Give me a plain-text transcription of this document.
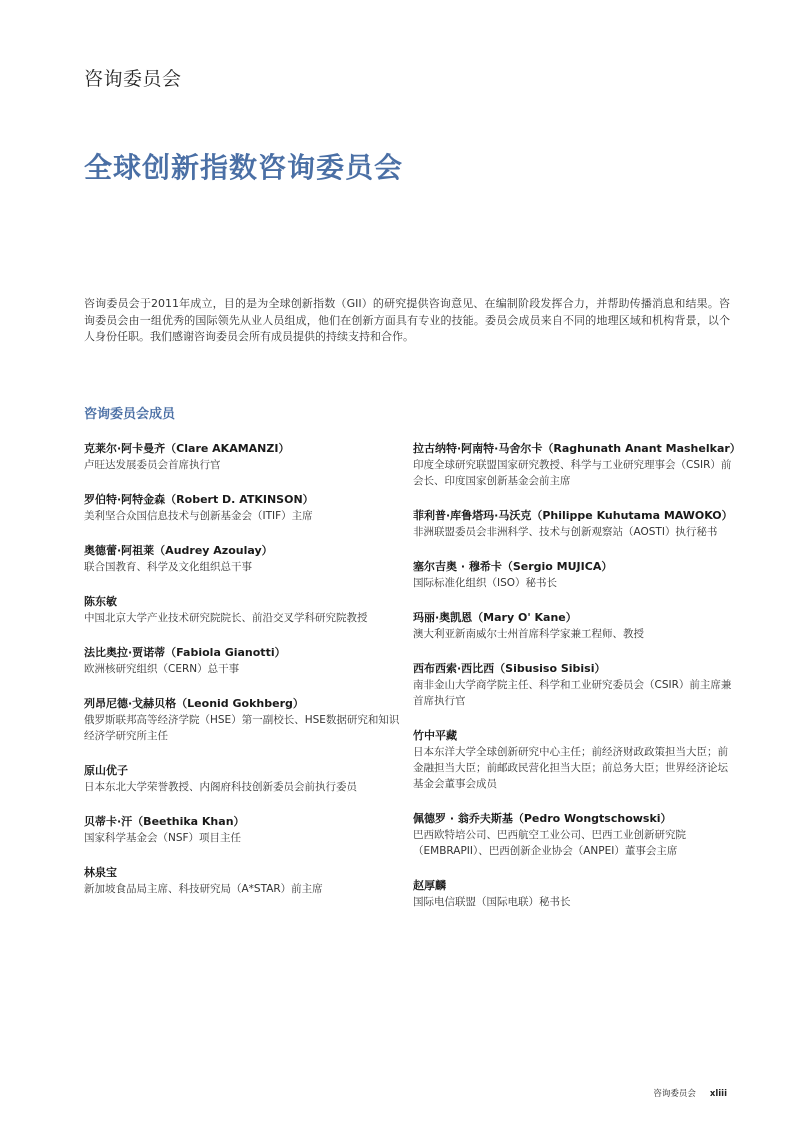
咨询委员会
全球创新指数咨询委员会

咨询委员会于2011年成立，目的是为全球创新指数（GII）的研究提供咨询意见、在编制阶段发挥合力，并帮助传播消息和结果。咨询委员会由一组优秀的国际领先从业人员组成，他们在创新方面具有专业的技能。委员会成员来自不同的地理区域和机构背景，以个人身份任职。我们感谢咨询委员会所有成员提供的持续支持和合作。

咨询委员会成员
克莱尔·阿卡曼齐（Clare AKAMANZI）
卢旺达发展委员会首席执行官
罗伯特·阿特金森（Robert D. ATKINSON）
美利坚合众国信息技术与创新基金会（ITIF）主席
奥德蕾·阿祖莱（Audrey Azoulay）
联合国教育、科学及文化组织总干事
陈东敏
中国北京大学产业技术研究院院长、前沿交叉学科研究院教授
法比奥拉·贾诺蒂（Fabiola Gianotti）
欧洲核研究组织（CERN）总干事
列昂尼德·戈赫贝格（Leonid Gokhberg）
俄罗斯联邦高等经济学院（HSE）第一副校长、HSE数据研究和知识经济学研究所主任
原山优子
日本东北大学荣誉教授、内阁府科技创新委员会前执行委员
贝蒂卡·汗（Beethika Khan）
国家科学基金会（NSF）项目主任
林泉宝
新加坡食品局主席、科技研究局（A*STAR）前主席
拉古纳特·阿南特·马舍尔卡（Raghunath Anant Mashelkar）
印度全球研究联盟国家研究教授、科学与工业研究理事会（CSIR）前会长、印度国家创新基金会前主席
菲利普·库鲁塔玛·马沃克（Philippe Kuhutama MAWOKO）
非洲联盟委员会非洲科学、技术与创新观察站（AOSTI）执行秘书
塞尔吉奥 · 穆希卡（Sergio MUJICA）
国际标准化组织（ISO）秘书长
玛丽·奥凯恩（Mary O' Kane）
澳大利亚新南威尔士州首席科学家兼工程师、教授
西布西索·西比西（Sibusiso Sibisi）
南非金山大学商学院主任、科学和工业研究委员会（CSIR）前主席兼首席执行官
竹中平藏
日本东洋大学全球创新研究中心主任；前经济财政政策担当大臣；前金融担当大臣；前邮政民营化担当大臣；前总务大臣；世界经济论坛基金会董事会成员
佩德罗 · 翁乔夫斯基（Pedro Wongtschowski）
巴西欧特培公司、巴西航空工业公司、巴西工业创新研究院（EMBRAPII）、巴西创新企业协会（ANPEI）董事会主席
赵厚麟
国际电信联盟（国际电联）秘书长
咨询委员会 xliii
